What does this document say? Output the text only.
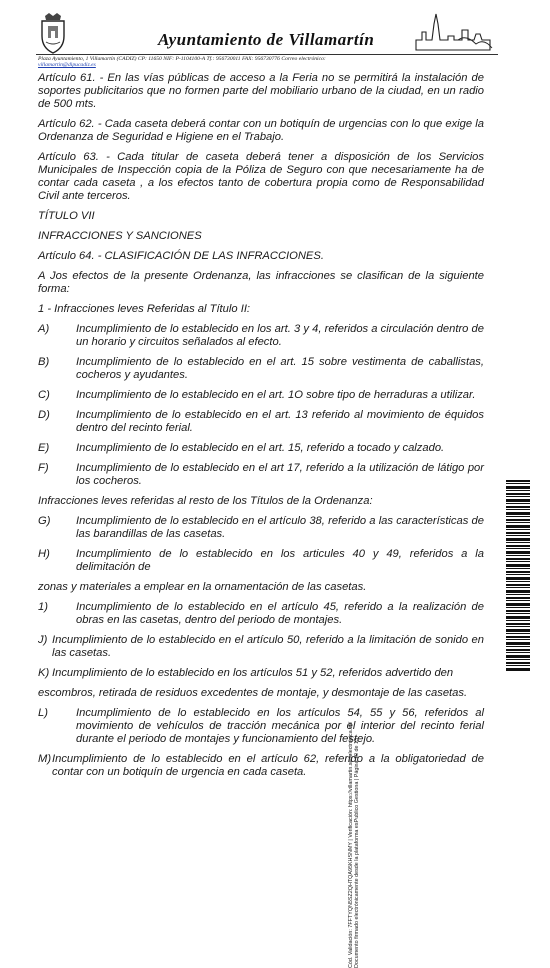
Ayuntamiento de Villamartín
Plaza Ayuntamiento, 1 Villamartín (CADIZ) CP: 11650 NIF: P-1104100-A Tf.: 956730011 FAX: 956730776 Correo electrónico:
villamartin@dipucadiz.es

Artículo 61. - En las vías públicas de acceso a la Feria no se permitirá la instalación de soportes publicitarios que no formen parte del mobiliario urbano de la ciudad, en un radio de 500 mts.

Artículo 62. - Cada caseta deberá contar con un botiquín de urgencias con lo que exige la Ordenanza de Seguridad e Higiene en el Trabajo.

Artículo 63. - Cada titular de caseta deberá tener a disposición de los Servicios Municipales de Inspección copia de la Póliza de Seguro con que necesariamente ha de contar cada caseta , a los efectos tanto de cobertura propia como de Responsabilidad Civil ante terceros.

TÍTULO VII

INFRACCIONES Y SANCIONES

Artículo 64. - CLASIFICACIÓN DE LAS INFRACCIONES.

A Jos efectos de la presente Ordenanza, las infracciones se clasifican de la siguiente forma:

1 - Infracciones leves Referidas al Título II:

A)	Incumplimiento de lo establecido en los art. 3 y 4, referidos a circulación dentro de un horario y circuitos señalados al efecto.
B)	Incumplimiento de lo establecido en el art. 15 sobre vestimenta de caballistas, cocheros y ayudantes.
C)	Incumplimiento de lo establecido en el art. 1O sobre tipo de herraduras a utilizar.
D)	Incumplimiento de lo establecido en el art. 13 referido al movimiento de équidos dentro del recinto ferial.
E)	Incumplimiento de lo establecido en el art. 15, referido a tocado y calzado.
F)	Incumplimiento de lo establecido en el art 17, referido a la utilización de látigo por los cocheros.

Infracciones leves referidas al resto de los Títulos de la Ordenanza:

G)	Incumplimiento de lo establecido en el artículo 38, referido a las características de las barandillas de las casetas.
H)	Incumplimiento de lo establecido en los articules 40 y 49, referidos a la delimitación de
zonas y materiales a emplear en la ornamentación de las casetas.
1)	Incumplimiento de lo establecido en el artículo 45, referido a la realización de obras en las casetas, dentro del periodo de montajes.
J) Incumplimiento de lo establecido en el artículo 50, referido a la limitación de sonido en las casetas.
K) Incumplimiento de lo establecido en los artículos 51 y 52, referidos advertido den
escombros, retirada de residuos excedentes de montaje, y desmontaje de las casetas.
L)	Incumplimiento de lo establecido en los artículos 54, 55 y 56, referidos al movimiento de vehículos de tracción mecánica por el interior del recinto ferial durante el periodo de montajes y funcionamiento del festejo.
M) Incumplimiento de lo establecido en el artículo 62, referido a la obligatoriedad de contar con un botiquín de urgencia en cada caseta.	Cód. Validación: 7FFTYQN5SZ2QHTQA95KHSNMY | Verificación: https://villamartin.sedelectronica.es/ Documento firmado electrónicamente desde la plataforma esPublico Gestiona | Página 10 de 13
